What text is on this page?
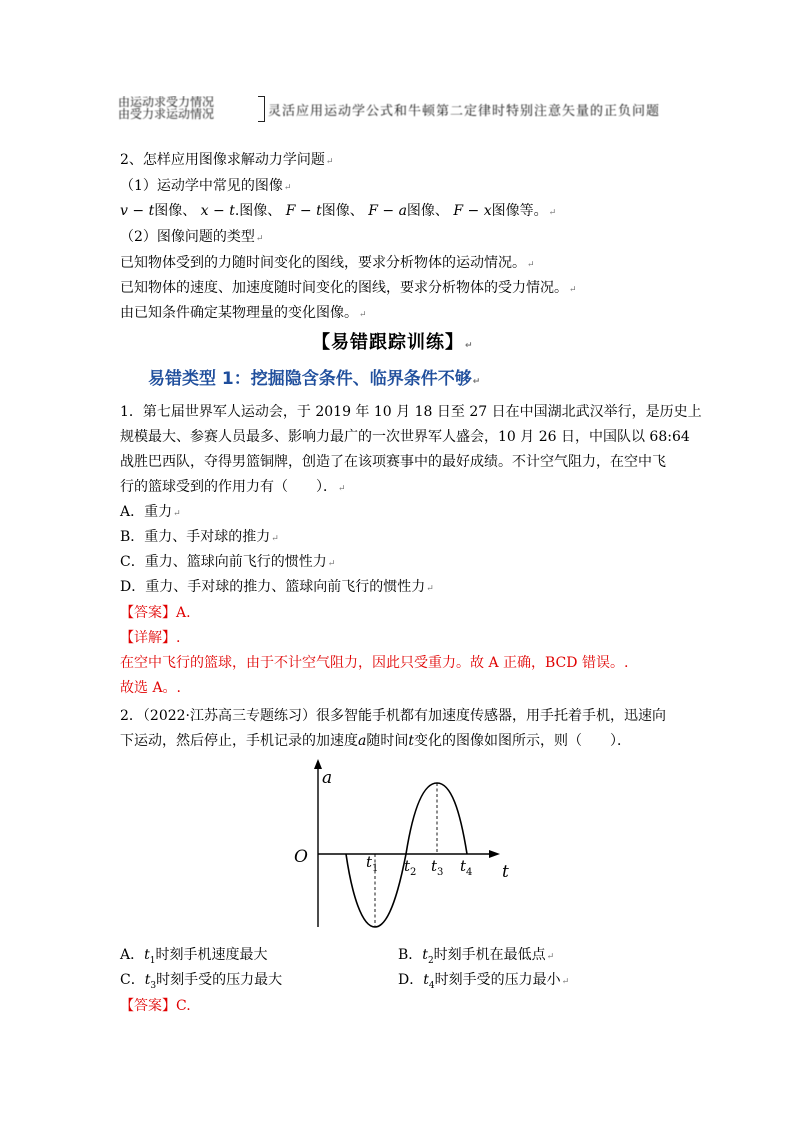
由运动求受力情况
由受力求运动情况	灵活应用运动学公式和牛顿第二定律时特别注意矢量的正负问题
2、怎样应用图像求解动力学问题↵
（1）运动学中常见的图像↵
v − t图像、 x − t.图像、 F − t图像、 F − a图像、 F − x图像等。↵
（2）图像问题的类型↵
已知物体受到的力随时间变化的图线，要求分析物体的运动情况。↵
已知物体的速度、加速度随时间变化的图线，要求分析物体的受力情况。↵
由已知条件确定某物理量的变化图像。↵
【易错跟踪训练】↵
易错类型 1：挖掘隐含条件、临界条件不够↵
1．第七届世界军人运动会，于 2019 年 10 月 18 日至 27 日在中国湖北武汉举行，是历史上
规模最大、参赛人员最多、影响力最广的一次世界军人盛会，10 月 26 日，中国队以 68:64
战胜巴西队，夺得男篮铜牌，创造了在该项赛事中的最好成绩。不计空气阻力，在空中飞
行的篮球受到的作用力有（　　）．↵
A．重力↵
B．重力、手对球的推力↵
C．重力、篮球向前飞行的惯性力↵
D．重力、手对球的推力、篮球向前飞行的惯性力↵
【答案】A.
【详解】.
在空中飞行的篮球，由于不计空气阻力，因此只受重力。故 A 正确，BCD 错误。.
故选 A。.
2．（2022·江苏高三专题练习）很多智能手机都有加速度传感器，用手托着手机，迅速向
下运动，然后停止，手机记录的加速度a随时间t变化的图像如图所示，则（　　）．
a
t
O	$t_1$ $t_2$ $t_3$ $t_4$
A．$t_1$时刻手机速度最大	B．$t_2$时刻手机在最低点↵
C．$t_3$时刻手受的压力最大	D．$t_4$时刻手受的压力最小↵
【答案】C.
